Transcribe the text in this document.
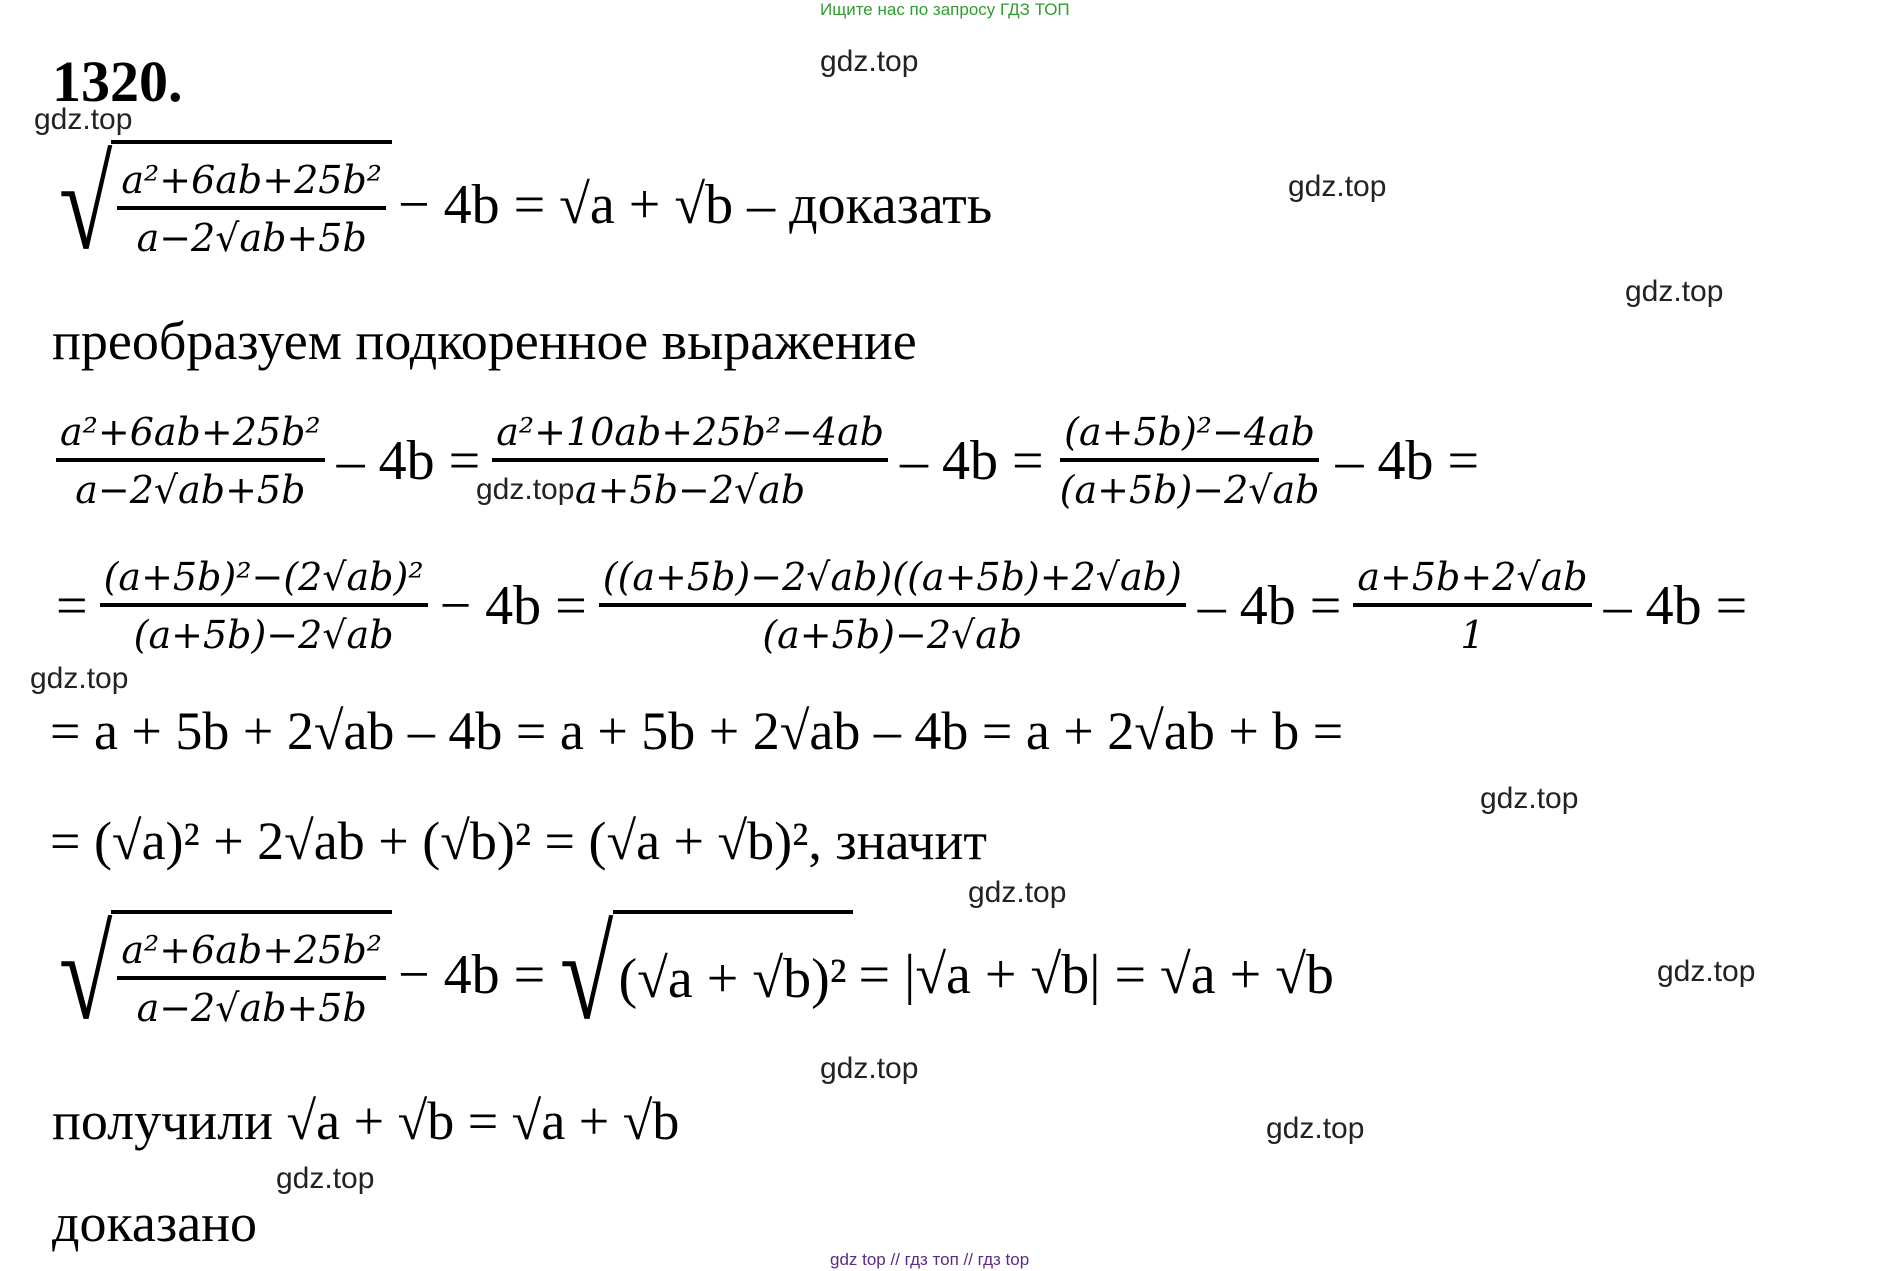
Ищите нас по запросу ГДЗ ТОП
1320.	gdz.top
gdz.top
gdz.top
gdz.top
gdz.top
gdz.top
gdz.top
gdz.top
gdz.top
gdz.top
gdz.top
gdz.top
√ $\frac{\text{a²+6ab+25b²}}{a-2√ab+5b} - 4b = √a + √b$ – доказать
преобразуем подкоренное выражение
$\frac{\text{a²+6ab+25b²}}{a-2√ab+5b} - 4b = \frac{\text{a²+10ab+25b²−4ab}}{a+5b-2√ab} - 4b = \frac{\text{(a+5b)²−4ab}}{(a+5b)-2√ab} - 4b$ =
= $\frac{\text{(a+5b)²−(2√ab)²}}{(a+5b)-2√ab} - 4b = \frac{((a+5b)-2√ab)((a+5b)+2√ab)}{(a+5b)-2√ab} - 4b = \frac{a+5b+2√ab}{1} - 4b$ =
= a + 5b + 2√ab – 4b = a + 5b + 2√ab – 4b = a + 2√ab + b =
= (√a)² + 2√ab + (√b)² = (√a + √b)², значит
√ $\frac{\text{a²+6ab+25b²}}{a-2√ab+5b} - 4b$ = √ (√a + √b)² = |√a + √b| = √a + √b
получили √a + √b = √a + √b
доказано
gdz top // гдз топ // гдз top
